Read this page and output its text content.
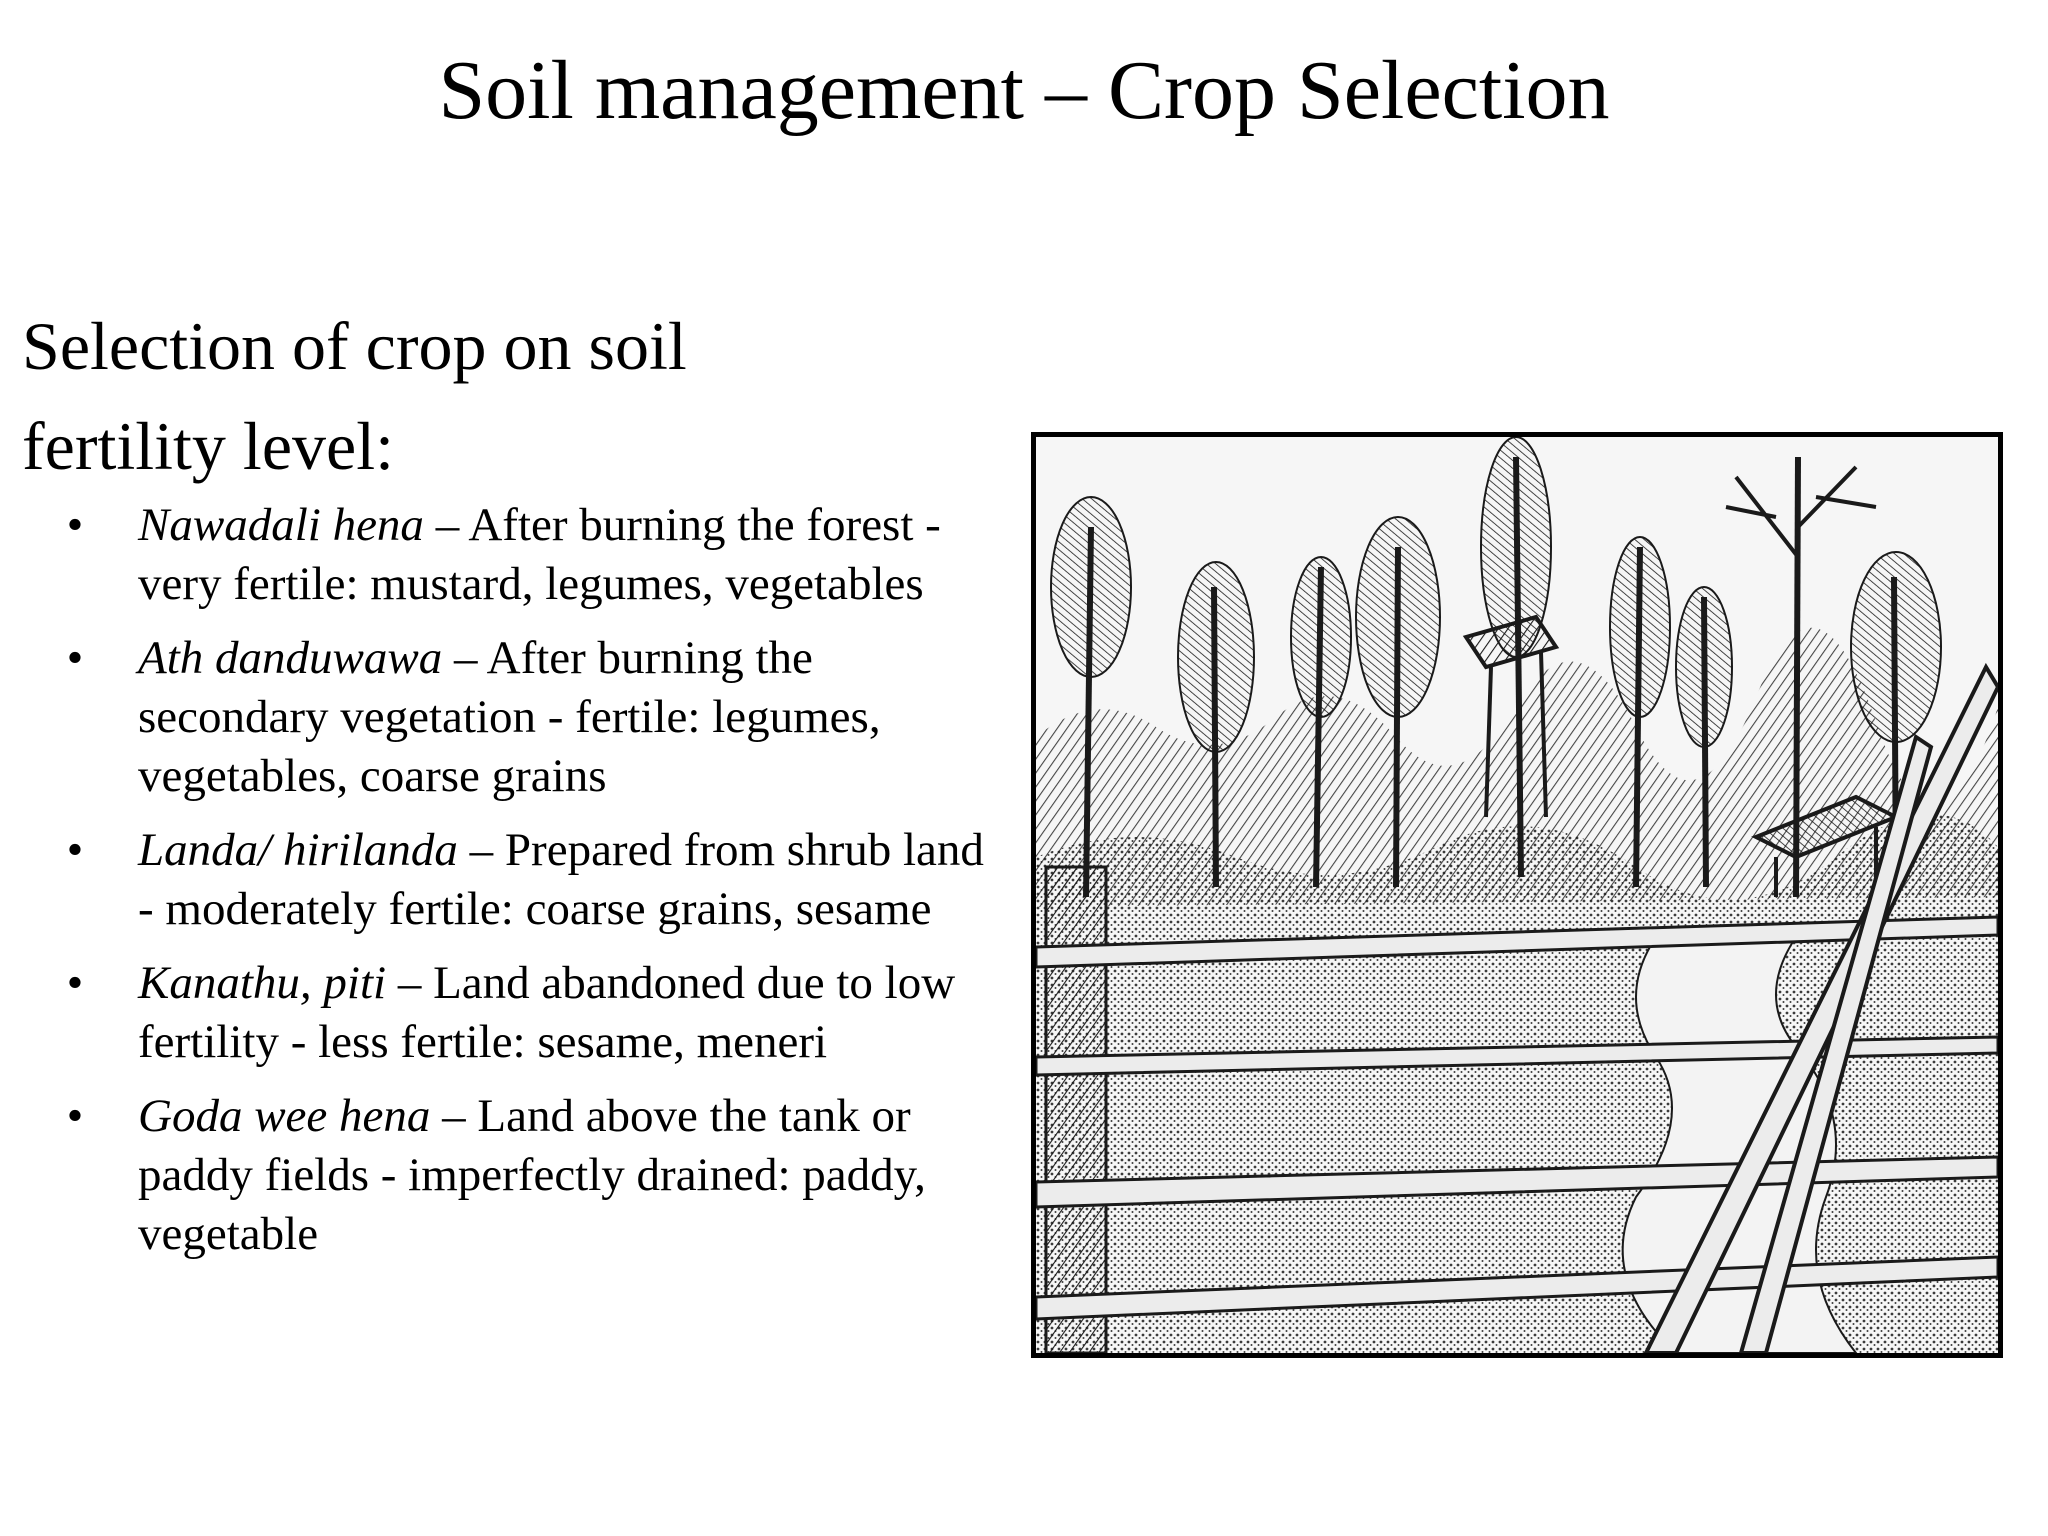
Soil management – Crop Selection
Selection of crop on soil
fertility level:
• Nawadali hena – After burning the forest - very fertile: mustard, legumes, vegetables
• Ath danduwawa – After burning the secondary vegetation - fertile: legumes, vegetables, coarse grains
• Landa/ hirilanda – Prepared from shrub land - moderately fertile: coarse grains, sesame
• Kanathu, piti – Land abandoned due to low fertility - less fertile: sesame, meneri
• Goda wee hena – Land above the tank or paddy fields - imperfectly drained: paddy, vegetable
